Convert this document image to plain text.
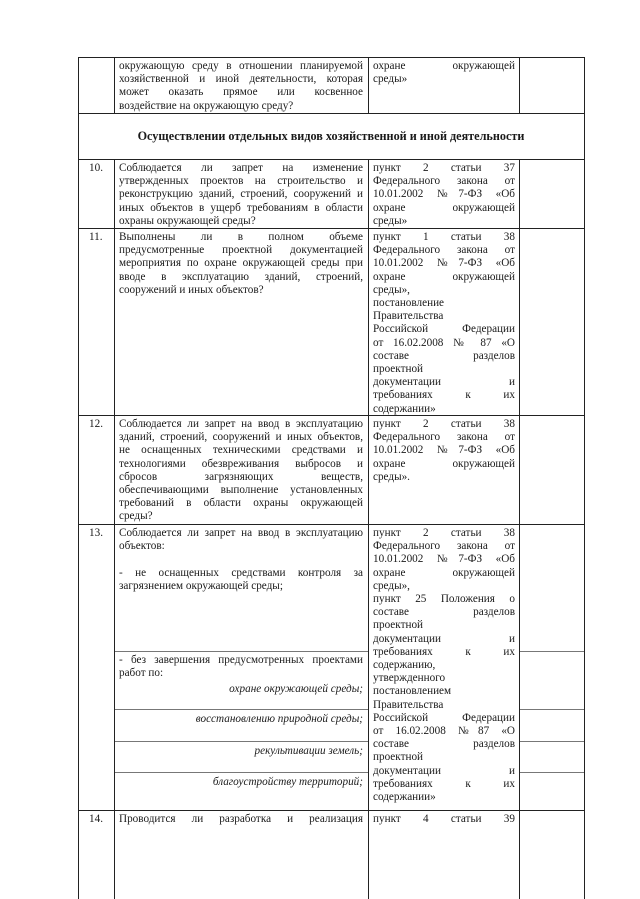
окружающую среду в отношении планируемой
хозяйственной и иной деятельности, которая
может оказать прямое или косвенное
воздействие на окружающую среду?
охране окружающей
среды»
Осуществлении отдельных видов хозяйственной и иной деятельности
10. Соблюдается ли запрет на изменение
утвержденных проектов на строительство и
реконструкцию зданий, строений, сооружений и
иных объектов в ущерб требованиям в области
охраны окружающей среды?
пункт 2 статьи 37
Федерального закона от
10.01.2002 №7-ФЗ «Об
охране окружающей
среды»
11. Выполнены ли в полном объеме
предусмотренные проектной документацией
мероприятия по охране окружающей среды при
вводе в эксплуатацию зданий, строений,
сооружений и иных объектов?
пункт 1 статьи 38
Федерального закона от
10.01.2002 №7-ФЗ «Об
охране окружающей
среды»,
постановление
Правительства
Российской Федерации
от 16.02.2008 № 87 «О
составе разделов
проектной
документации и
требованиях к их
содержании»
12. Соблюдается ли запрет на ввод в эксплуатацию
зданий, строений, сооружений и иных объектов,
не оснащенных техническими средствами и
технологиями обезвреживания выбросов и
сбросов загрязняющих веществ,
обеспечивающими выполнение установленных
требований в области охраны окружающей
среды?
пункт 2 статьи 38
Федерального закона от
10.01.2002 №7-ФЗ «Об
охране окружающей
среды».
13. Соблюдается ли запрет на ввод в эксплуатацию
объектов:
- не оснащенных средствами контроля за
загрязнением окружающей среды;
- без завершения предусмотренных проектами
работ по:
охране окружающей среды;
восстановлению природной среды;
рекультивации земель;
благоустройству территорий;
пункт 2 статьи 38
Федерального закона от
10.01.2002 №7-ФЗ «Об
охране окружающей
среды»,
пункт 25 Положения о
составе разделов
проектной
документации и
требованиях к их
содержанию,
утвержденного
постановлением
Правительства
Российской Федерации
от 16.02.2008 №87 «О
составе разделов
проектной
документации и
требованиях к их
содержании»
14. Проводится ли разработка и реализация пункт 4 статьи 39
